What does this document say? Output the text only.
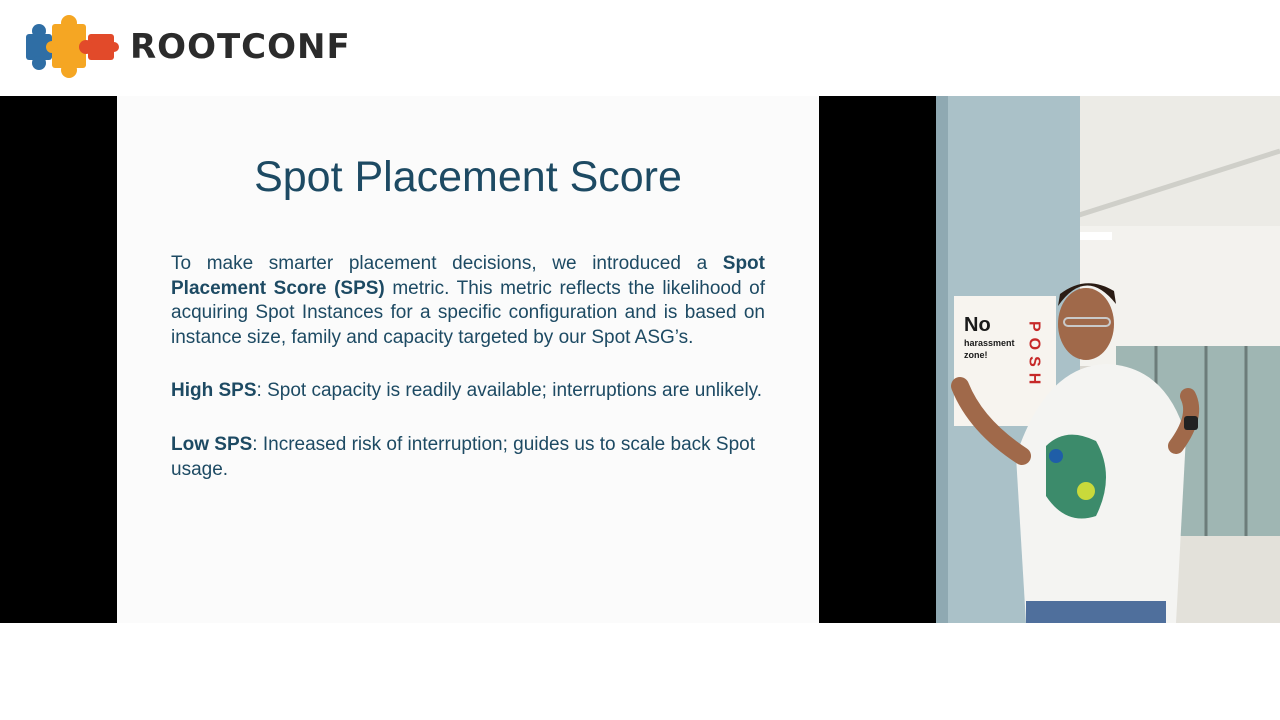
ROOTCONF
Spot Placement Score

To make smarter placement decisions, we introduced a Spot Placement Score (SPS) metric. This metric reflects the likelihood of acquiring Spot Instances for a specific configuration and is based on instance size, family and capacity targeted by our Spot ASG’s.

High SPS: Spot capacity is readily available; interruptions are unlikely.

Low SPS: Increased risk of interruption; guides us to scale back Spot usage.

No
harassment
zone! POSH
